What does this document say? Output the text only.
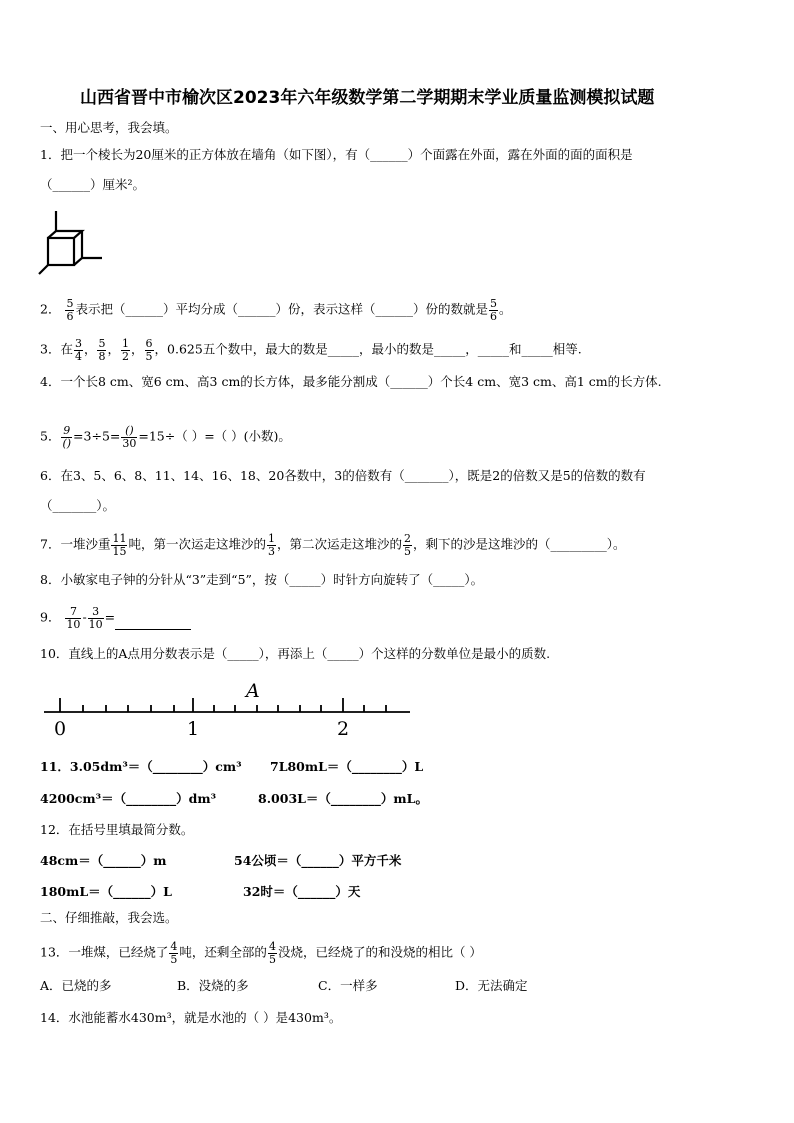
山西省晋中市榆次区2023年六年级数学第二学期期末学业质量监测模拟试题
一、用心思考，我会填。
1．把一个棱长为20厘米的正方体放在墙角（如下图），有（______）个面露在外面，露在外面的面的面积是
（______）厘米²。
2． $\frac{5}{6}$ 表示把（______）平均分成（______）份，表示这样（______）份的数就是 $\frac{5}{6}$ 。
3．在 $\frac{3}{4}$ ， $\frac{5}{8}$ ， $\frac{1}{2}$ ， $\frac{6}{5}$ ，0.625五个数中，最大的数是_____，最小的数是_____，_____和_____相等.
4．一个长8 cm、宽6 cm、高3 cm的长方体，最多能分割成（______）个长4 cm、宽3 cm、高1 cm的长方体.
5． $\frac{9}{()} =3\div 5= \frac{()}{30} =15\div$（ ）=（ ）(小数)。
6．在3、5、6、8、11、14、16、18、20各数中，3的倍数有（_______），既是2的倍数又是5的倍数的数有
（_______）。
7．一堆沙重 $\frac{11}{15}$ 吨，第一次运走这堆沙的 $\frac{1}{3}$ ，第二次运走这堆沙的 $\frac{2}{5}$ ，剩下的沙是这堆沙的（_________）。
8．小敏家电子钟的分针从“3”走到“5”，按（_____）时针方向旋转了（_____）。
9． $\frac{7}{10} - \frac{3}{10}$ =
10．直线上的A点用分数表示是（_____），再添上（_____）个这样的分数单位是最小的质数.
A
0	1	2
11．3.05dm³＝（________）cm³ 7L80mL＝（________）L
4200cm³＝（________）dm³	8.003L＝（________）mL。
12．在括号里填最简分数。
48cm＝（______）m	54公顷＝（______）平方千米
180mL＝（______）L	32时＝（______）天
二、仔细推敲，我会选。
13．一堆煤，已经烧了 $\frac{4}{5}$ 吨，还剩全部的 $\frac{4}{5}$ 没烧，已经烧了的和没烧的相比（ ）
A．已烧的多	B．没烧的多	C．一样多	D．无法确定
14．水池能蓄水430m³，就是水池的（ ）是430m³。
